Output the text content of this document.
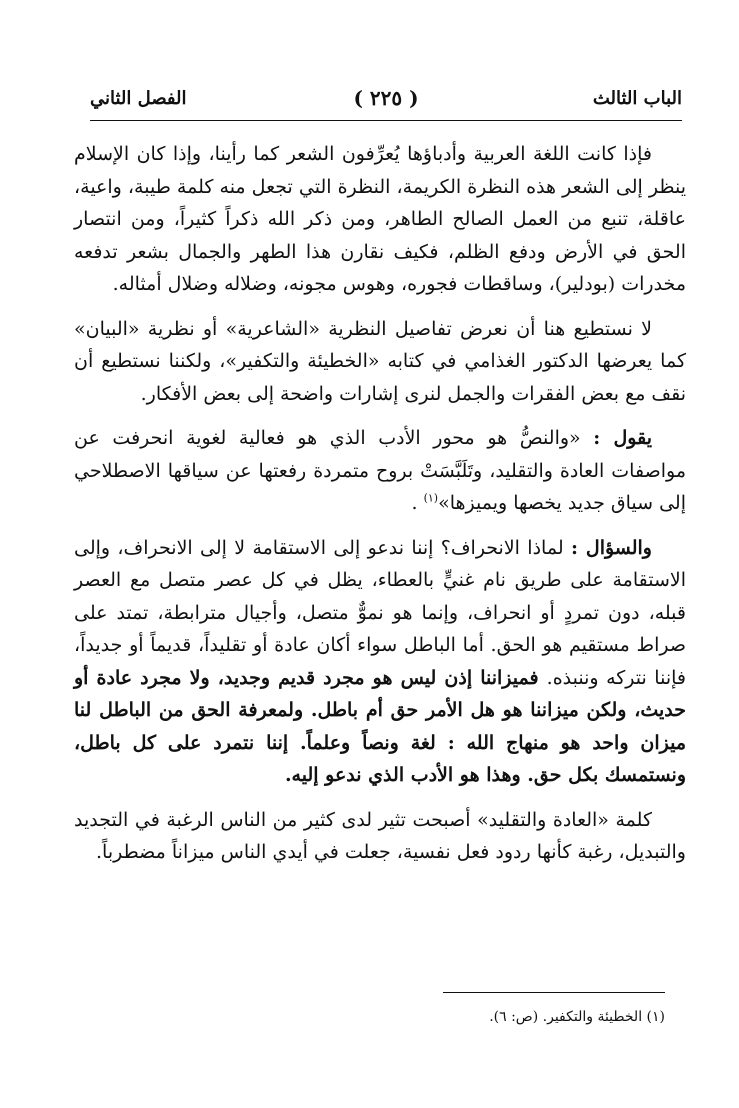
الباب الثالث
( ٢٢٥ )
الفصل الثاني

فإذا كانت اللغة العربية وأدباؤها يُعرِّفون الشعر كما رأينا، وإذا كان الإسلام ينظر إلى الشعر هذه النظرة الكريمة، النظرة التي تجعل منه كلمة طيبة، واعية، عاقلة، تنبع من العمل الصالح الطاهر، ومن ذكر الله ذكراً كثيراً، ومن انتصار الحق في الأرض ودفع الظلم، فكيف نقارن هذا الطهر والجمال بشعر تدفعه مخدرات (بودلير)، وساقطات فجوره، وهوس مجونه، وضلاله وضلال أمثاله.

لا نستطيع هنا أن نعرض تفاصيل النظرية «الشاعرية» أو نظرية «البيان» كما يعرضها الدكتور الغذامي في كتابه «الخطيئة والتكفير»، ولكننا نستطيع أن نقف مع بعض الفقرات والجمل لنرى إشارات واضحة إلى بعض الأفكار.

يقول : «والنصُّ هو محور الأدب الذي هو فعالية لغوية انحرفت عن مواصفات العادة والتقليد، وتَلَبَّسَتْ بروح متمردة رفعتها عن سياقها الاصطلاحي إلى سياق جديد يخصها ويميزها»$^{(١)}$ .

والسؤال : لماذا الانحراف؟ إننا ندعو إلى الاستقامة لا إلى الانحراف، وإلى الاستقامة على طريق نام غنيٍّ بالعطاء، يظل في كل عصر متصل مع العصر قبله، دون تمردٍ أو انحراف، وإنما هو نموٌّ متصل، وأجيال مترابطة، تمتد على صراط مستقيم هو الحق. أما الباطل سواء أكان عادة أو تقليداً، قديماً أو جديداً، فإننا نتركه وننبذه. فميزاننا إذن ليس هو مجرد قديم وجديد، ولا مجرد عادة أو حديث، ولكن ميزاننا هو هل الأمر حق أم باطل. ولمعرفة الحق من الباطل لنا ميزان واحد هو منهاج الله : لغة ونصاً وعلماً. إننا نتمرد على كل باطل، ونستمسك بكل حق. وهذا هو الأدب الذي ندعو إليه.

كلمة «العادة والتقليد» أصبحت تثير لدى كثير من الناس الرغبة في التجديد والتبديل، رغبة كأنها ردود فعل نفسية، جعلت في أيدي الناس ميزاناً مضطرباً.

(١) الخطيئة والتكفير. (ص: ٦).
